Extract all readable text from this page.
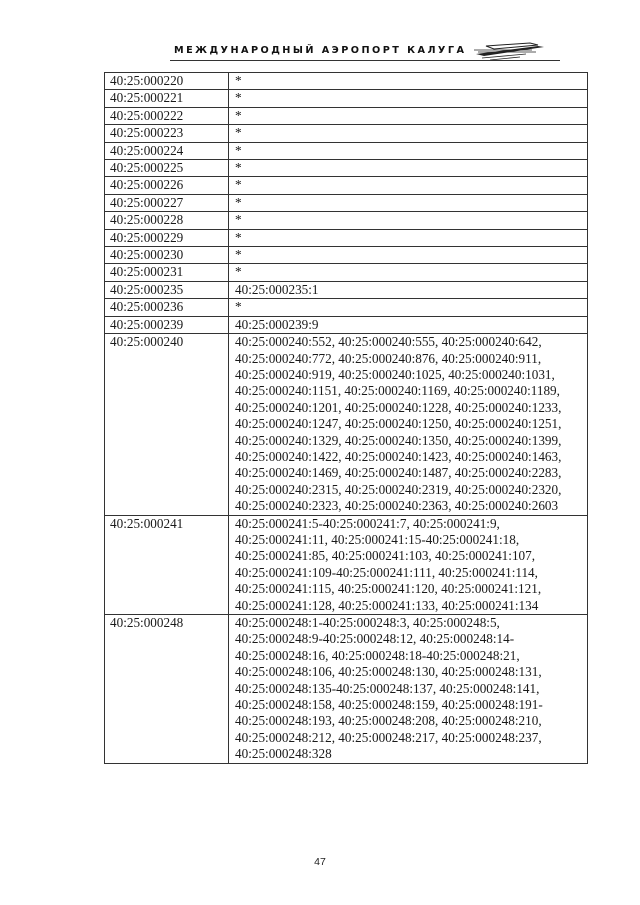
МЕЖДУНАРОДНЫЙ АЭРОПОРТ КАЛУГА
40:25:000220	*
40:25:000221	*
40:25:000222	*
40:25:000223	*
40:25:000224	*
40:25:000225	*
40:25:000226	*
40:25:000227	*
40:25:000228	*
40:25:000229	*
40:25:000230	*
40:25:000231	*
40:25:000235	40:25:000235:1
40:25:000236	*
40:25:000239	40:25:000239:9
40:25:000240	40:25:000240:552, 40:25:000240:555, 40:25:000240:642, 40:25:000240:772, 40:25:000240:876, 40:25:000240:911, 40:25:000240:919, 40:25:000240:1025, 40:25:000240:1031, 40:25:000240:1151, 40:25:000240:1169, 40:25:000240:1189, 40:25:000240:1201, 40:25:000240:1228, 40:25:000240:1233, 40:25:000240:1247, 40:25:000240:1250, 40:25:000240:1251, 40:25:000240:1329, 40:25:000240:1350, 40:25:000240:1399, 40:25:000240:1422, 40:25:000240:1423, 40:25:000240:1463, 40:25:000240:1469, 40:25:000240:1487, 40:25:000240:2283, 40:25:000240:2315, 40:25:000240:2319, 40:25:000240:2320, 40:25:000240:2323, 40:25:000240:2363, 40:25:000240:2603
40:25:000241	40:25:000241:5-40:25:000241:7, 40:25:000241:9, 40:25:000241:11, 40:25:000241:15-40:25:000241:18, 40:25:000241:85, 40:25:000241:103, 40:25:000241:107, 40:25:000241:109-40:25:000241:111, 40:25:000241:114, 40:25:000241:115, 40:25:000241:120, 40:25:000241:121, 40:25:000241:128, 40:25:000241:133, 40:25:000241:134
40:25:000248	40:25:000248:1-40:25:000248:3, 40:25:000248:5, 40:25:000248:9-40:25:000248:12, 40:25:000248:14-40:25:000248:16, 40:25:000248:18-40:25:000248:21, 40:25:000248:106, 40:25:000248:130, 40:25:000248:131, 40:25:000248:135-40:25:000248:137, 40:25:000248:141, 40:25:000248:158, 40:25:000248:159, 40:25:000248:191-40:25:000248:193, 40:25:000248:208, 40:25:000248:210, 40:25:000248:212, 40:25:000248:217, 40:25:000248:237, 40:25:000248:328
47
